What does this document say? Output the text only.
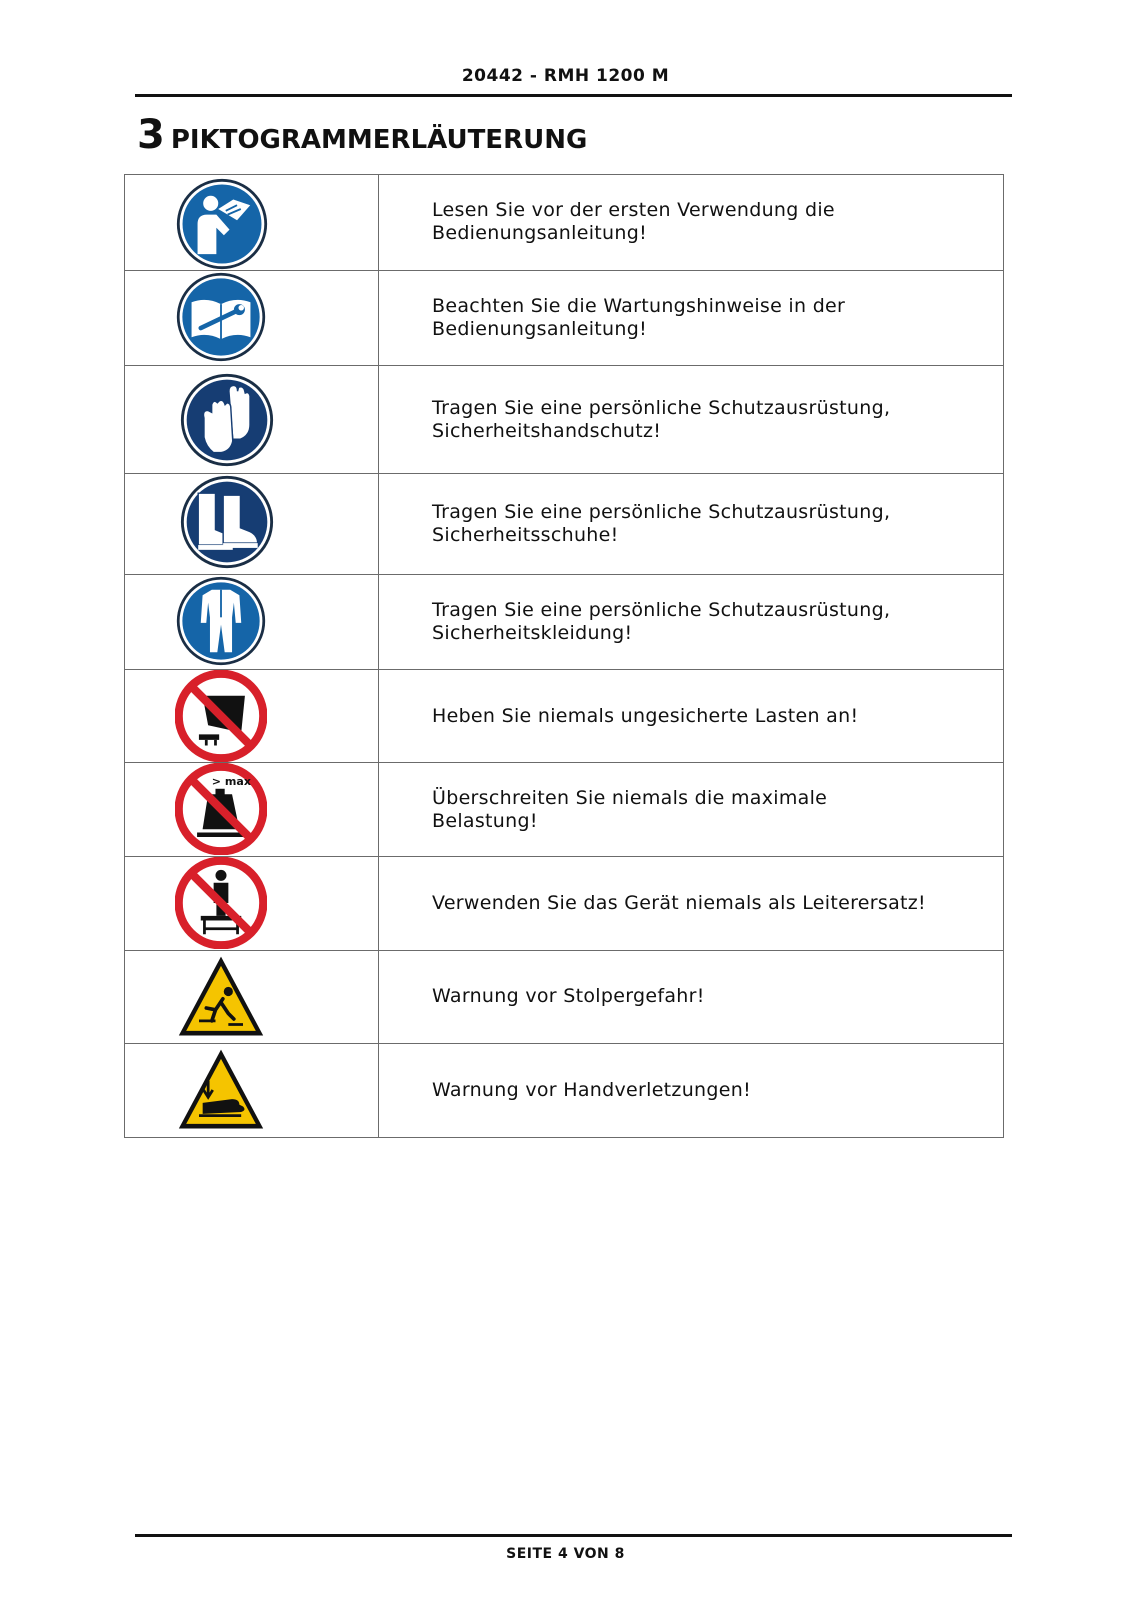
20442 - RMH 1200 M
3 PIKTOGRAMMERLÄUTERUNG

Lesen Sie vor der ersten Verwendung die
Bedienungsanleitung!

Beachten Sie die Wartungshinweise in der
Bedienungsanleitung!

Tragen Sie eine persönliche Schutzausrüstung,
Sicherheitshandschutz!

Tragen Sie eine persönliche Schutzausrüstung,
Sicherheitsschuhe!

Tragen Sie eine persönliche Schutzausrüstung,
Sicherheitskleidung!

Heben Sie niemals ungesicherte Lasten an!

> max	Überschreiten Sie niemals die maximale Belastung!

Verwenden Sie das Gerät niemals als Leiterersatz!

Warnung vor Stolpergefahr!

Warnung vor Handverletzungen!
SEITE 4 VON 8
